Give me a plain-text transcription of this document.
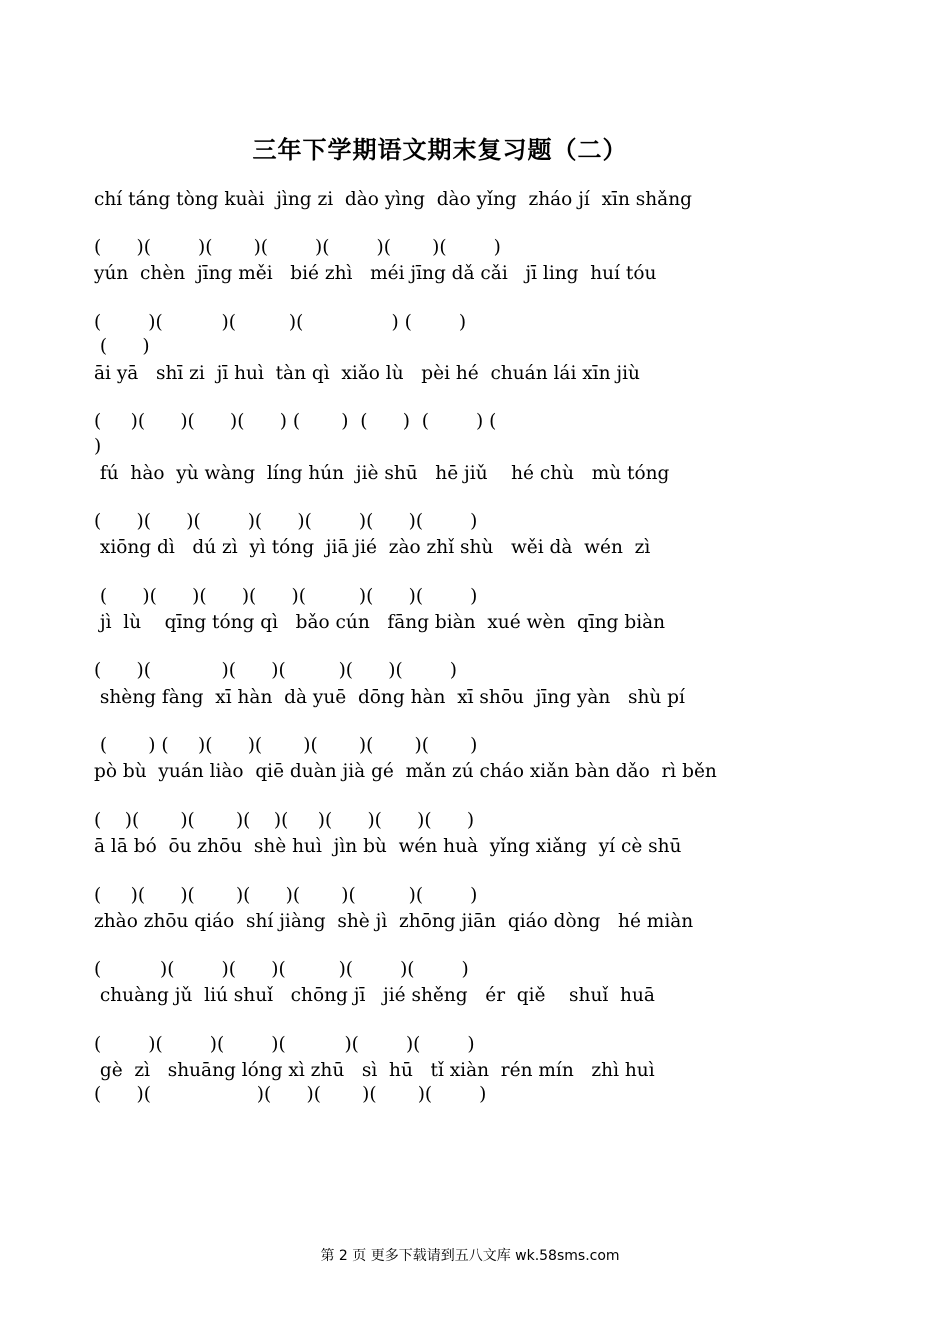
三年下学期语文期末复习题（二）
chí táng tòng kuài  jìng zi  dào yìng  dào yǐng  zháo jí  xīn shǎng
(      )(        )(       )(        )(        )(       )(        )
yún  chèn  jīng měi   bié zhì   méi jīng dǎ cǎi   jī ling  huí tóu
(        )(          )(         )(               ) (        )
(      )
āi yā   shī zi  jī huì  tàn qì  xiǎo lù   pèi hé  chuán lái xīn jiù
(     )(      )(      )(      ) (       )  (      )  (        ) (
)
fú  hào  yù wàng  líng hún  jiè shū   hē jiǔ    hé chù   mù tóng
(      )(      )(        )(      )(        )(      )(        )
xiōng dì   dú zì  yì tóng  jiā jié  zào zhǐ shù   wěi dà  wén  zì
(      )(      )(      )(      )(         )(      )(        )
jì  lù    qīng tóng qì   bǎo cún   fāng biàn  xué wèn  qīng biàn
(      )(            )(      )(         )(      )(        )
shèng fàng  xī hàn  dà yuē  dōng hàn  xī shōu  jīng yàn   shù pí
(       ) (     )(      )(       )(       )(       )(       )
pò bù  yuán liào  qiē duàn jià gé  mǎn zú cháo xiǎn bàn dǎo  rì běn
(    )(       )(       )(    )(     )(      )(      )(      )
ā lā bó  ōu zhōu  shè huì  jìn bù  wén huà  yǐng xiǎng  yí cè shū
(     )(      )(       )(      )(       )(         )(        )
zhào zhōu qiáo  shí jiàng  shè jì  zhōng jiān  qiáo dòng   hé miàn
(          )(        )(      )(         )(        )(        )
chuàng jǔ  liú shuǐ   chōng jī   jié shěng   ér  qiě    shuǐ  huā
(        )(        )(        )(          )(        )(        )
gè  zì   shuāng lóng xì zhū   sì  hū   tǐ xiàn  rén mín   zhì huì
(      )(                  )(      )(       )(       )(        )
第 2 页 更多下载请到五八文库 wk.58sms.com
